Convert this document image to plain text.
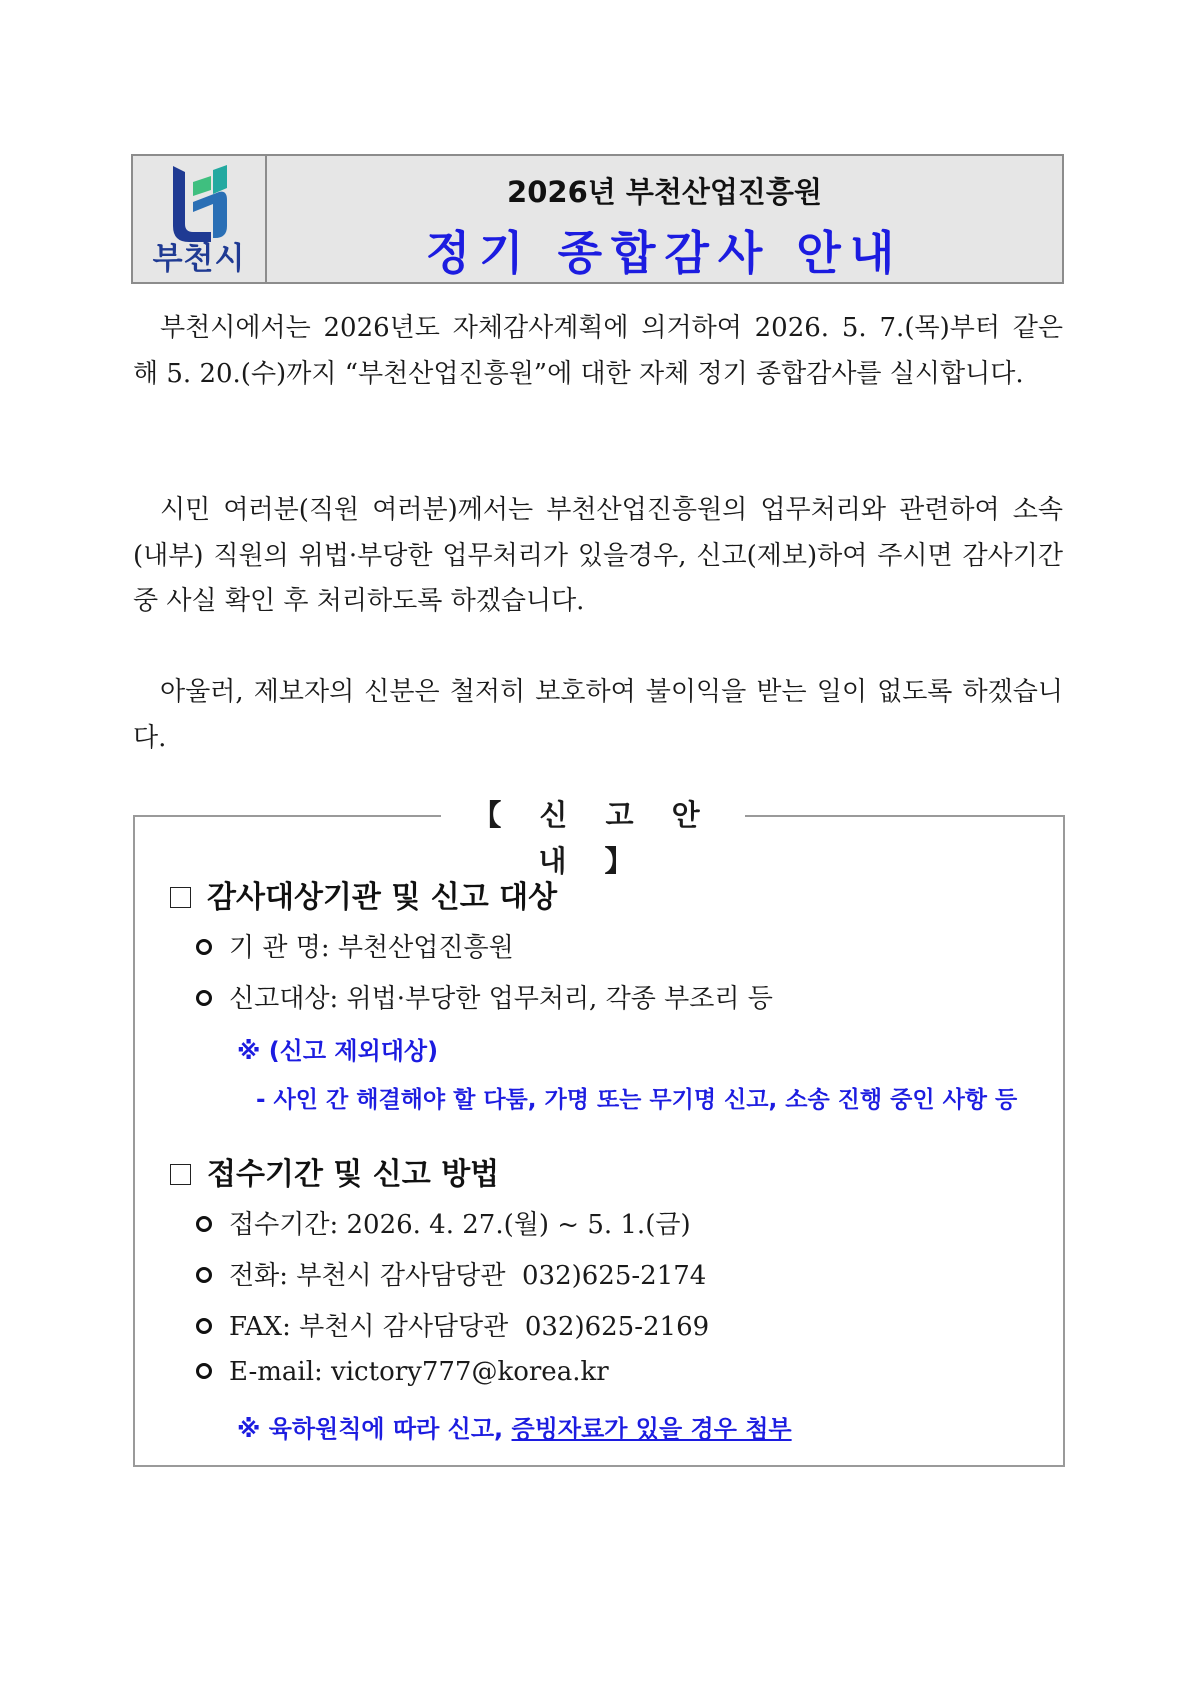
부천시
2026년 부천산업진흥원
정기 종합감사 안내
부천시에서는 2026년도 자체감사계획에 의거하여 2026. 5. 7.(목)부터 같은 해 5. 20.(수)까지 “부천산업진흥원”에 대한 자체 정기 종합감사를 실시합니다.
시민 여러분(직원 여러분)께서는 부천산업진흥원의 업무처리와 관련하여 소속(내부) 직원의 위법·부당한 업무처리가 있을경우, 신고(제보)하여 주시면 감사기간 중 사실 확인 후 처리하도록 하겠습니다.
아울러, 제보자의 신분은 철저히 보호하여 불이익을 받는 일이 없도록 하겠습니다.
【 신 고 안 내 】
감사대상기관 및 신고 대상
기 관 명: 부천산업진흥원
신고대상: 위법·부당한 업무처리, 각종 부조리 등
※ (신고 제외대상)
- 사인 간 해결해야 할 다툼, 가명 또는 무기명 신고, 소송 진행 중인 사항 등
접수기간 및 신고 방법
접수기간: 2026. 4. 27.(월) ~ 5. 1.(금)
전화: 부천시 감사담당관  032)625-2174
FAX: 부천시 감사담당관  032)625-2169
E-mail: victory777@korea.kr
※ 육하원칙에 따라 신고, 증빙자료가 있을 경우 첨부
